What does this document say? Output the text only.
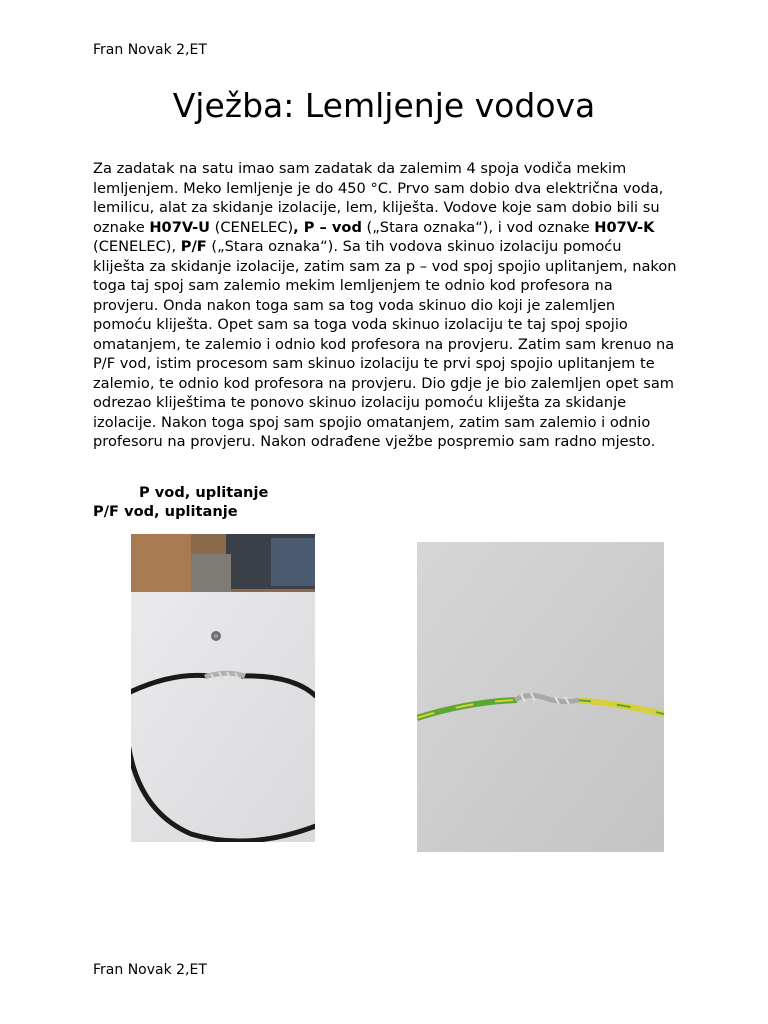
Fran Novak 2,ET
Vježba: Lemljenje vodova

Za zadatak na satu imao sam zadatak da zalemim 4 spoja vodiča mekim lemljenjem. Meko lemljenje je do 450 °C. Prvo sam dobio dva električna voda, lemilicu, alat za skidanje izolacije, lem, kliješta. Vodove koje sam dobio bili su oznake H07V-U (CENELEC), P – vod („Stara oznaka“), i vod oznake H07V-K (CENELEC), P/F („Stara oznaka“). Sa tih vodova skinuo izolaciju pomoću kliješta za skidanje izolacije, zatim sam za p – vod spoj spojio uplitanjem, nakon toga taj spoj sam zalemio mekim lemljenjem te odnio kod profesora na provjeru. Onda nakon toga sam sa tog voda skinuo dio koji je zalemljen pomoću kliješta. Opet sam sa toga voda skinuo izolaciju te taj spoj spojio omatanjem, te zalemio i odnio kod profesora na provjeru. Zatim sam krenuo na P/F vod, istim procesom sam skinuo izolaciju te prvi spoj spojio uplitanjem te zalemio, te odnio kod profesora na provjeru. Dio gdje je bio zalemljen opet sam odrezao kliještima te ponovo skinuo izolaciju pomoću kliješta za skidanje izolacije. Nakon toga spoj sam spojio omatanjem, zatim sam zalemio i odnio profesoru na provjeru. Nakon odrađene vježbe pospremio sam radno mjesto.

P vod, uplitanje
P/F vod, uplitanje
Fran Novak 2,ET
